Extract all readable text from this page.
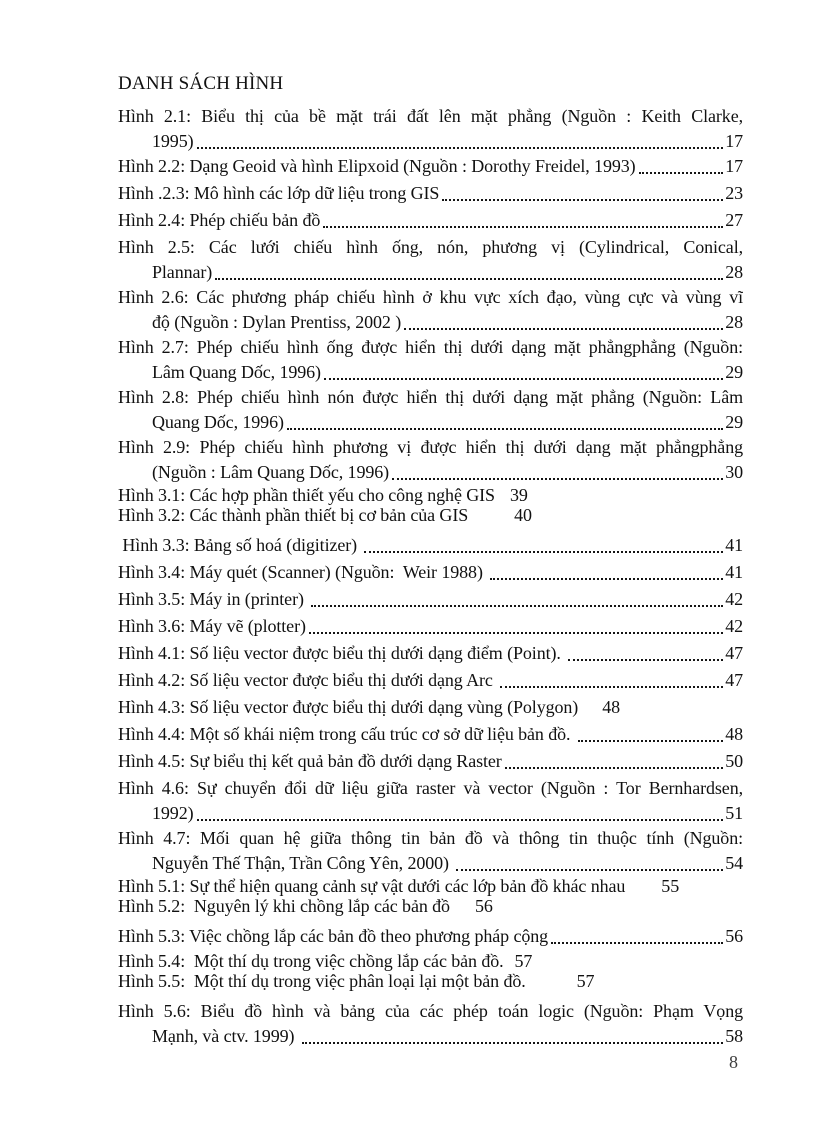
DANH SÁCH HÌNH
Hình 2.1: Biểu thị của bề mặt trái đất lên mặt phẳng (Nguồn : Keith Clarke,
1995)	17
Hình 2.2: Dạng Geoid và hình Elipxoid (Nguồn : Dorothy Freidel, 1993)	17
Hình .2.3: Mô hình các lớp dữ liệu trong GIS	23
Hình 2.4: Phép chiếu bản đồ	27
Hình 2.5: Các lưới chiếu hình ống, nón, phương vị (Cylindrical, Conical,
Plannar)	28
Hình 2.6: Các phương pháp chiếu hình ở khu vực xích đạo, vùng cực và vùng vĩ
độ (Nguồn : Dylan Prentiss, 2002 )	28
Hình 2.7: Phép chiếu hình ống được hiển thị dưới dạng mặt phẳngphẳng (Nguồn:
Lâm Quang Dốc, 1996)	29
Hình 2.8: Phép chiếu hình nón được hiển thị dưới dạng mặt phẳng (Nguồn: Lâm
Quang Dốc, 1996)	29
Hình 2.9: Phép chiếu hình phương vị được hiển thị dưới dạng mặt phẳngphẳng
(Nguồn : Lâm Quang Dốc, 1996)	30
Hình 3.1: Các hợp phần thiết yếu cho công nghệ GIS 39
Hình 3.2: Các thành phần thiết bị cơ bản của GIS	40
Hình 3.3: Bảng số hoá (digitizer)	41
Hình 3.4: Máy quét (Scanner) (Nguồn:  Weir 1988)	41
Hình 3.5: Máy in (printer)	42
Hình 3.6: Máy vẽ (plotter)	42
Hình 4.1: Số liệu vector được biểu thị dưới dạng điểm (Point).	47
Hình 4.2: Số liệu vector được biểu thị dưới dạng Arc	47
Hình 4.3: Số liệu vector được biểu thị dưới dạng vùng (Polygon) 48
Hình 4.4: Một số khái niệm trong cấu trúc cơ sở dữ liệu bản đồ.	48
Hình 4.5: Sự biểu thị kết quả bản đồ dưới dạng Raster	50
Hình 4.6: Sự chuyển đổi dữ liệu giữa raster và vector (Nguồn : Tor Bernhardsen,
1992)	51
Hình 4.7: Mối quan hệ giữa thông tin bản đồ và thông tin thuộc tính (Nguồn:
Nguyễn Thế Thận, Trần Công Yên, 2000)	54
Hình 5.1: Sự thể hiện quang cảnh sự vật dưới các lớp bản đồ khác nhau 55
Hình 5.2:  Nguyên lý khi chồng lắp các bản đồ 56
Hình 5.3: Việc chồng lắp các bản đồ theo phương pháp cộng	56
Hình 5.4:  Một thí dụ trong việc chồng lắp các bản đồ. 57
Hình 5.5:  Một thí dụ trong việc phân loại lại một bản đồ.	57
Hình 5.6: Biểu đồ hình và bảng của các phép toán logic (Nguồn: Phạm Vọng
Mạnh, và ctv. 1999)	58
8
